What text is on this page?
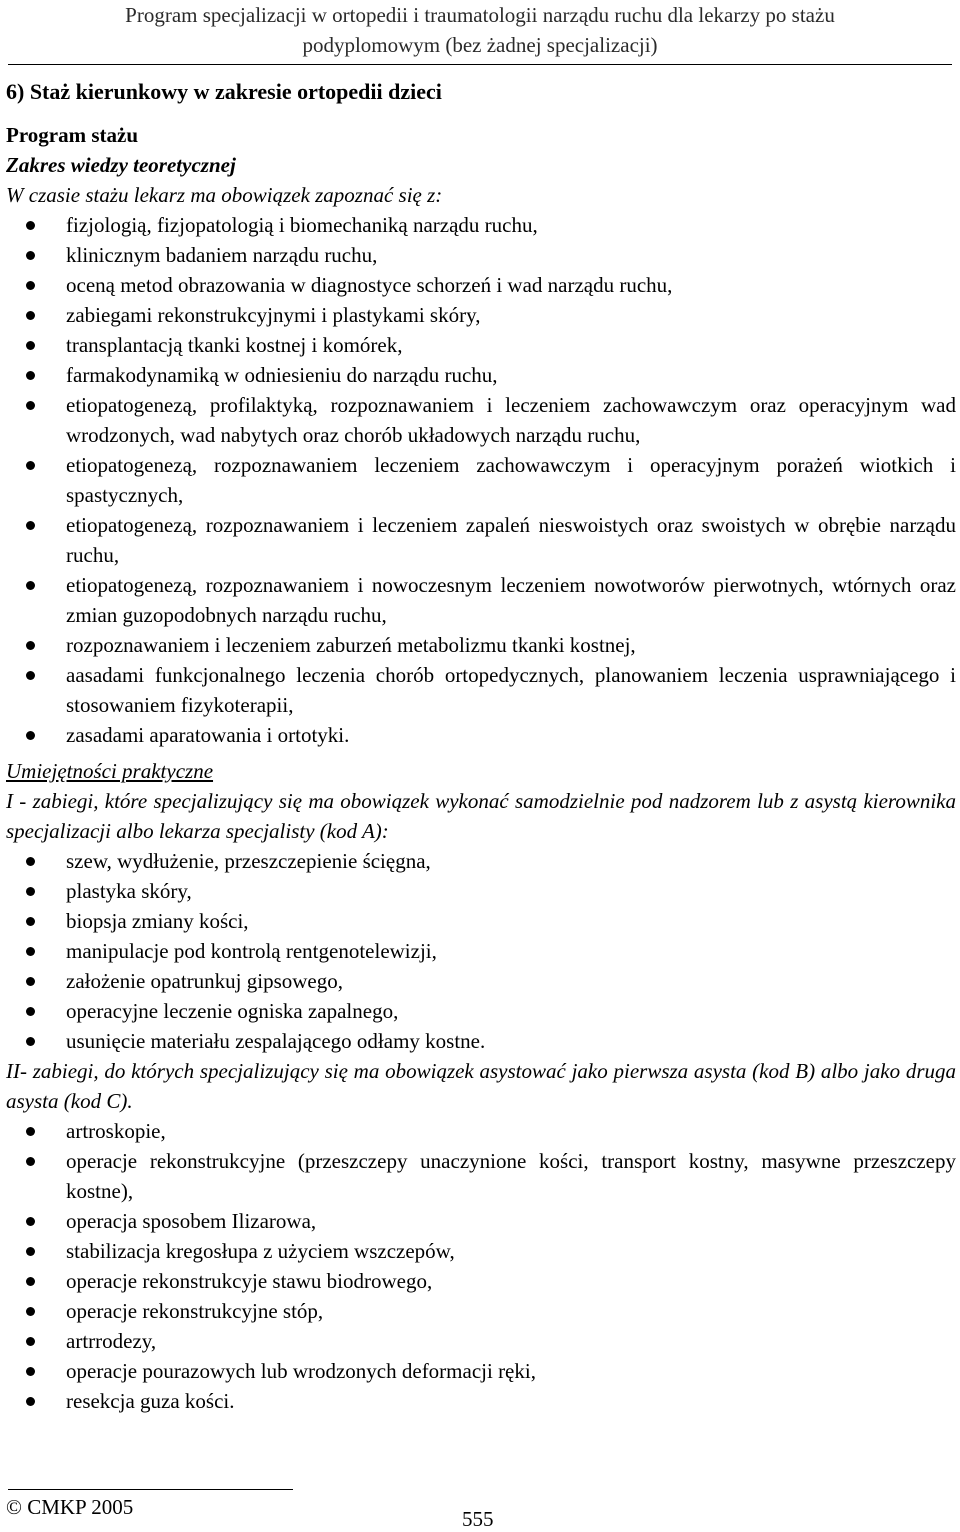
Program specjalizacji w ortopedii i traumatologii narządu ruchu dla lekarzy po stażu
podyplomowym (bez żadnej specjalizacji)
6) Staż kierunkowy w zakresie ortopedii dzieci

Program stażu

Zakres wiedzy teoretycznej

W czasie stażu lekarz ma obowiązek zapoznać się z:

fizjologią, fizjopatologią i biomechaniką narządu ruchu,
klinicznym badaniem narządu ruchu,
oceną metod obrazowania w diagnostyce schorzeń i wad narządu ruchu,
zabiegami rekonstrukcyjnymi i plastykami skóry,
transplantacją tkanki kostnej i komórek,
farmakodynamiką w odniesieniu do narządu ruchu,
etiopatogenezą, profilaktyką, rozpoznawaniem i leczeniem zachowawczym oraz operacyjnym wad wrodzonych, wad nabytych oraz chorób układowych narządu ruchu,
etiopatogenezą, rozpoznawaniem leczeniem zachowawczym i operacyjnym porażeń wiotkich i spastycznych,
etiopatogenezą, rozpoznawaniem i leczeniem zapaleń nieswoistych oraz swoistych w obrębie narządu ruchu,
etiopatogenezą, rozpoznawaniem i nowoczesnym leczeniem nowotworów pierwotnych, wtórnych oraz zmian guzopodobnych narządu ruchu,
rozpoznawaniem i leczeniem zaburzeń metabolizmu tkanki kostnej,
aasadami funkcjonalnego leczenia chorób ortopedycznych, planowaniem leczenia usprawniającego i stosowaniem fizykoterapii,
zasadami aparatowania i ortotyki.

Umiejętności praktyczne

I - zabiegi, które specjalizujący się ma obowiązek wykonać samodzielnie pod nadzorem lub z asystą kierownika specjalizacji albo lekarza specjalisty (kod A):

szew, wydłużenie, przeszczepienie ścięgna,
plastyka skóry,
biopsja zmiany kości,
manipulacje pod kontrolą rentgenotelewizji,
założenie opatrunkuj gipsowego,
operacyjne leczenie ogniska zapalnego,
usunięcie materiału zespalającego odłamy kostne.

II- zabiegi, do których specjalizujący się ma obowiązek asystować jako pierwsza asysta (kod B) albo jako druga asysta (kod C).

artroskopie,
operacje rekonstrukcyjne (przeszczepy unaczynione kości, transport kostny, masywne przeszczepy kostne),
operacja sposobem Ilizarowa,
stabilizacja kregosłupa z użyciem wszczepów,
operacje rekonstrukcyje stawu biodrowego,
operacje rekonstrukcyjne stóp,
artrrodezy,
operacje pourazowych lub wrodzonych deformacji ręki,
resekcja guza kości.
© CMKP 2005	555
